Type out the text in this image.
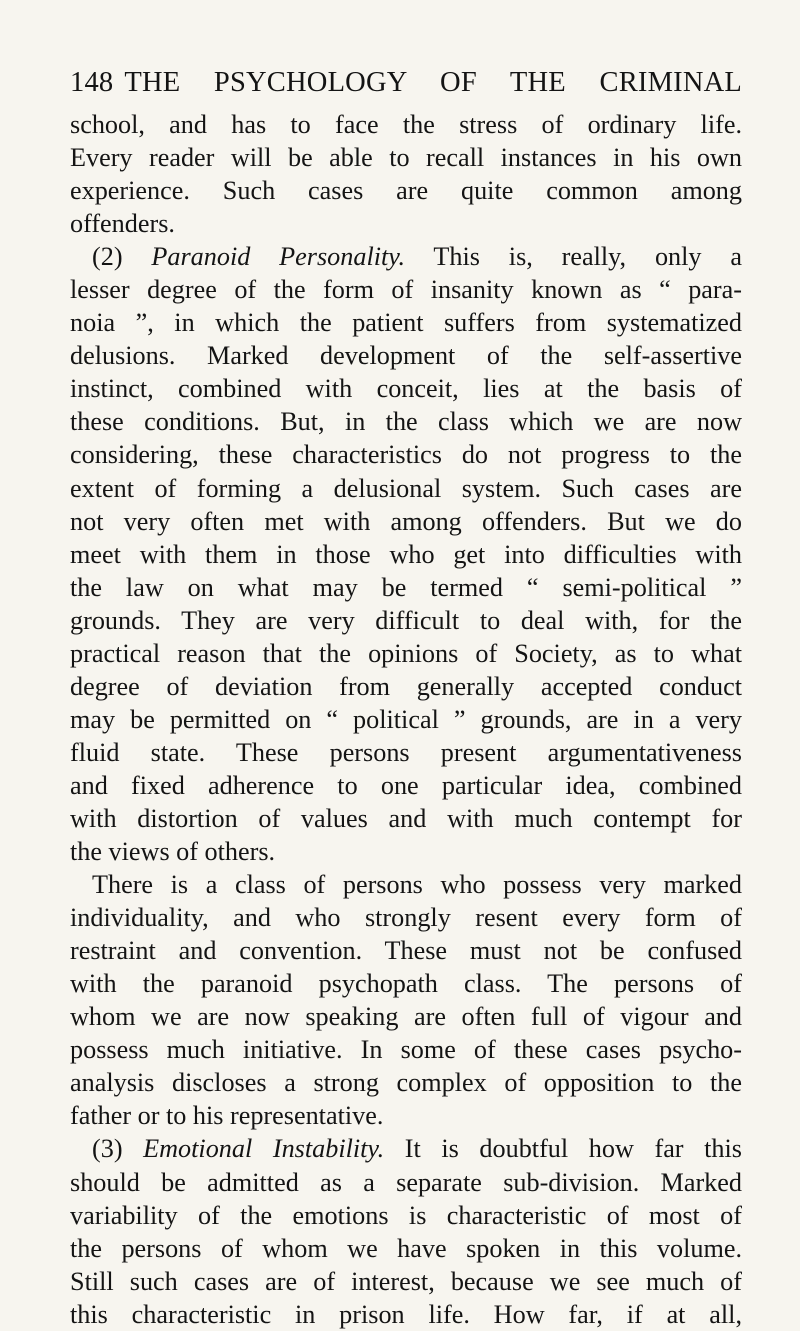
148 THE PSYCHOLOGY OF THE CRIMINAL
school, and has to face the stress of ordinary life.
Every reader will be able to recall instances in his own
experience. Such cases are quite common among
offenders.
(2) Paranoid Personality. This is, really, only a
lesser degree of the form of insanity known as “ para-
noia ”, in which the patient suffers from systematized
delusions. Marked development of the self-assertive
instinct, combined with conceit, lies at the basis of
these conditions. But, in the class which we are now
considering, these characteristics do not progress to the
extent of forming a delusional system. Such cases are
not very often met with among offenders. But we do
meet with them in those who get into difficulties with
the law on what may be termed “ semi-political ”
grounds. They are very difficult to deal with, for the
practical reason that the opinions of Society, as to what
degree of deviation from generally accepted conduct
may be permitted on “ political ” grounds, are in a very
fluid state. These persons present argumentativeness
and fixed adherence to one particular idea, combined
with distortion of values and with much contempt for
the views of others.
There is a class of persons who possess very marked
individuality, and who strongly resent every form of
restraint and convention. These must not be confused
with the paranoid psychopath class. The persons of
whom we are now speaking are often full of vigour and
possess much initiative. In some of these cases psycho-
analysis discloses a strong complex of opposition to the
father or to his representative.
(3) Emotional Instability. It is doubtful how far this
should be admitted as a separate sub-division. Marked
variability of the emotions is characteristic of most of
the persons of whom we have spoken in this volume.
Still such cases are of interest, because we see much of
this characteristic in prison life. How far, if at all,
